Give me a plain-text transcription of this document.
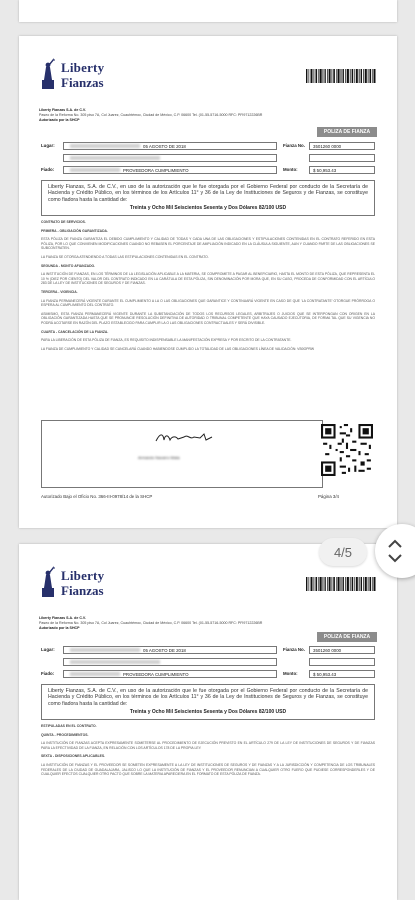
Liberty
Fianzas
Liberty Fianzas S.A. de C.V.
Paseo de la Reforma No. 305 piso 7A, Col Juarez, Cuauhtémoc, Ciudad de México, C.P. 06600 Tel. (01-55-5716-5000 RFC: PFI9712226BR
Autorizado por la SHCP
POLIZA DE FIANZA
Lugar:	05 AGOSTO DE 2018	Fianza No. 3501260 0000
Fiado:	PROVEEDORA CUMPLIMIENTO	Monto:	$ 50,953.43
Liberty Fianzas, S.A. de C.V., en uso de la autorización que le fue otorgada por el Gobierno Federal por conducto de la Secretaría de Hacienda y Crédito Público, en los términos de los Artículos 11° y 36 de la Ley de Instituciones de Seguros y de Fianzas, se constituye como fiadora hasta la cantidad de:
Treinta y Ocho Mil Seiscientos Sesenta y Dos Dólares 82/100 USD

CONTRATO DE SERVICIOS.

PRIMERA - OBLIGACIÓN GARANTIZADA.

ESTA PÓLIZA DE FIANZA GARANTIZA EL DEBIDO CUMPLIMIENTO Y CALIDAD DE TODAS Y CADA UNA DE LAS OBLIGACIONES Y ESTIPULACIONES CONTENIDAS EN EL CONTRATO REFERIDO EN ESTA PÓLIZA, POR LO QUE CONVIENEN MODIFICACIONES CUANDO NO REBASEN EL PORCENTAJE DE AMPLIACIÓN INDICADO EN LA CLÁUSULA SIGUIENTE, AUN Y CUANDO PARTE DE LAS OBLIGACIONES SE SUBCONTRATEN.

LA FIANZA SE OTORGA ATENDIENDO A TODAS LAS ESTIPULACIONES CONTENIDAS EN EL CONTRATO.

SEGUNDA - MONTO AFIANZADO.

LA INSTITUCIÓN DE FIANZAS, EN LOS TÉRMINOS DE LA LEGISLACIÓN APLICABLE A LA MATERIA, SE COMPROMETE A PAGAR AL BENEFICIARIO, HASTA EL MONTO DE ESTA PÓLIZA, QUE REPRESENTA EL 10 % (DIEZ POR CIENTO) DEL VALOR DEL CONTRATO INDICADO EN LA CARÁTULA DE ESTA PÓLIZA, SIN DENOMINACIÓN POR MORA QUE, EN SU CASO, PROCEDA DE CONFORMIDAD CON EL ARTÍCULO 283 DE LA LEY DE INSTITUCIONES DE SEGUROS Y DE FIANZAS.

TERCERA - VIGENCIA.

LA FIANZA PERMANECERÁ VIGENTE DURANTE EL CUMPLIMIENTO A LA O LAS OBLIGACIONES QUE GARANTICE Y CONTINUARÁ VIGENTE EN CASO DE QUE 'LA CONTRATANTE' OTORGUE PRÓRROGA O ESPERA AL CUMPLIMIENTO DEL CONTRATO.

ASIMISMO, ESTA FIANZA PERMANECERÁ VIGENTE DURANTE LA SUBSTANCIACIÓN DE TODOS LOS RECURSOS LEGALES, ARBITRAJES O JUICIOS QUE SE INTERPONGAN CON ORIGEN EN LA OBLIGACIÓN GARANTIZADA HASTA QUE SE PRONUNCIE RESOLUCIÓN DEFINITIVA DE AUTORIDAD O TRIBUNAL COMPETENTE QUE HAYA CAUSADO EJECUTORIA, DE FORMA TAL QUE SU VIGENCIA NO PODRÁ ACOTARSE EN RAZÓN DEL PLAZO ESTABLECIDO PARA CUMPLIR LA O LAS OBLIGACIONES CONTRACTUALES Y SERÁ DIVISIBLE.

CUARTA - CANCELACIÓN DE LA FIANZA.

PARA LA LIBERACIÓN DE ESTA PÓLIZA DE FIANZA, ES REQUISITO INDISPENSABLE LA MANIFESTACIÓN EXPRESA Y POR ESCRITO DE LA CONTRATANTE.

LA FIANZA DE CUMPLIMIENTO Y CALIDAD SE CANCELARÁ CUANDO HABIENDOSE CUMPLIDO LA TOTALIDAD DE LAS OBLIGACIONES LÍNEA DE VALIDACIÓN: VB0OPRW

Armando Navarro Mata
Autorizado Bajo el Oficio No. 366-III-0978/14 de la SHCP	Página 3/4
Liberty
Fianzas
Liberty Fianzas S.A. de C.V.
Paseo de la Reforma No. 305 piso 7A, Col Juarez, Cuauhtémoc, Ciudad de México, C.P. 06600 Tel. (01-55-5716-5000 RFC: PFI9712226BR
Autorizado por la SHCP
POLIZA DE FIANZA
Lugar:	05 AGOSTO DE 2018	Fianza No. 3501260 0000
Fiado:	PROVEEDORA CUMPLIMIENTO	Monto:	$ 50,953.43
Liberty Fianzas, S.A. de C.V., en uso de la autorización que le fue otorgada por el Gobierno Federal por conducto de la Secretaría de Hacienda y Crédito Público, en los términos de los Artículos 11° y 36 de la Ley de Instituciones de Seguros y de Fianzas, se constituye como fiadora hasta la cantidad de:
Treinta y Ocho Mil Seiscientos Sesenta y Dos Dólares 82/100 USD

ESTIPULADAS EN EL CONTRATO.

QUINTA - PROCEDIMIENTOS.

LA INSTITUCIÓN DE FIANZAS ACEPTA EXPRESAMENTE SOMETERSE AL PROCEDIMIENTO DE EJECUCIÓN PREVISTO EN EL ARTÍCULO 279 DE LA LEY DE INSTITUCIONES DE SEGUROS Y DE FIANZAS PARA LA EFECTIVIDAD DE LA FIANZA, EN RELACIÓN CON LOS ARTÍCULOS 178 DE LA PROPIA LEY.

SEXTA - DISPOSICIONES APLICABLES.

LA INSTITUCIÓN DE FIANZAS Y EL PROVEEDOR SE SOMETEN EXPRESAMENTE A LA LEY DE INSTITUCIONES DE SEGUROS Y DE FIANZAS Y A LA JURISDICCIÓN Y COMPETENCIA DE LOS TRIBUNALES FEDERALES DE LA CIUDAD DE GUADALAJARA, JALISCO LO QUE LA INSTITUCIÓN DE FIANZAS Y EL PROVEEDOR RENUNCIAN A CUALQUIER OTRO FUERO QUE PUDIESE CORRESPONDERLES Y DE CUALQUIER EFECTOS CUALQUIER OTRO PACTO QUE SOBRE LA MATERIA APARECIERA EN EL FORMATO DE ESTA PÓLIZA DE FIANZA.

4/5
